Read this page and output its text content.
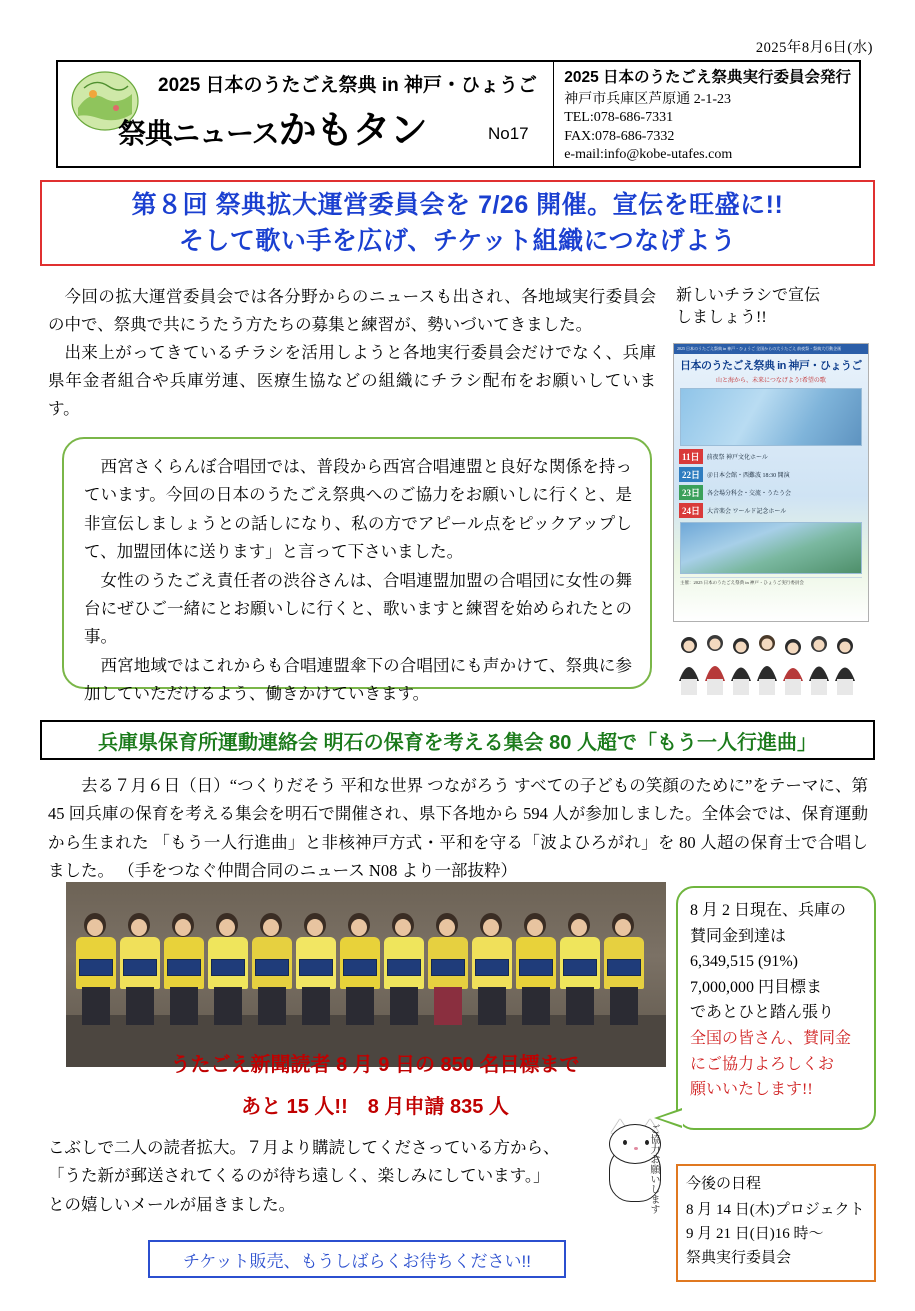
2025年8月6日(水)
2025 日本のうたごえ祭典 in 神戸・ひょうご
祭典ニュースかもタン	No17
2025 日本のうたごえ祭典実行委員会発行
神戸市兵庫区芦原通 2-1-23
TEL:078-686-7331
FAX:078-686-7332
e-mail:info@kobe-utafes.com
第８回 祭典拡大運営委員会を 7/26 開催。宣伝を旺盛に!!
そして歌い手を広げ、チケット組織につなげよう

今回の拡大運営委員会では各分野からのニュースも出され、各地域実行委員会の中で、祭典で共にうたう方たちの募集と練習が、勢いづいてきました。

出来上がってきているチラシを活用しようと各地実行委員会だけでなく、兵庫県年金者組合や兵庫労連、医療生協などの組織にチラシ配布をお願いしています。

西宮さくらんぼ合唱団では、普段から西宮合唱連盟と良好な関係を持っています。今回の日本のうたごえ祭典へのご協力をお願いしに行くと、是非宣伝しましょうとの話しになり、私の方でアピール点をピックアップして、加盟団体に送ります」と言って下さいました。

女性のうたごえ責任者の渋谷さんは、合唱連盟加盟の合唱団に女性の舞台にぜひご一緒にとお願いしに行くと、歌いますと練習を始められたとの事。

西宮地域ではこれからも合唱連盟傘下の合唱団にも声かけて、祭典に参加していただけるよう、働きかけていきます。

新しいチラシで宣伝
しましょう!!
2025 日本のうたごえ祭典 in 神戸・ひょうご 全国からの大うたごえ 前夜祭・祭典大行動企画
日本のうたごえ祭典 in 神戸・ひょうご
山と海から、未来につなげよう!希望の歌
11日	前夜祭 神戸文化ホール
22日	＠日本会館・西難波 18:30 開演
23日	各会場分科会・交流・うたう会
24日	大音楽会 ワールド記念ホール
主催：2025 日本のうたごえ祭典 in 神戸・ひょうご実行委員会
兵庫県保育所運動連絡会 明石の保育を考える集会 80 人超で「もう一人行進曲」

去る７月６日（日）“つくりだそう 平和な世界 つながろう すべての子どもの笑顔のために”をテーマに、第 45 回兵庫の保育を考える集会を明石で開催され、県下各地から 594 人が参加しました。全体会では、保育運動から生まれた 「もう一人行進曲」と非核神戸方式・平和を守る「波よひろがれ」を 80 人超の保育士で合唱しました。 （手をつなぐ仲間合同のニュース N08 より一部抜粋）

8 月 2 日現在、兵庫の
賛同金到達は
6,349,515 (91%)
7,000,000 円目標ま
であとひと踏ん張り
全国の皆さん、賛同金
にご協力よろしくお
願いいたします!!
うたごえ新聞読者 8 月 9 日の 850 名目標まで
あと 15 人!!　8 月申請 835 人

こぶしで二人の読者拡大。７月より購読してくださっている方から、

「うた新が郵送されてくるのが待ち遠しく、楽しみにしています。」

との嬉しいメールが届きました。	ご協力お願いします
チケット販売、もうしばらくお待ちください!!
今後の日程
8 月 14 日(木)プロジェクト
9 月 21 日(日)16 時～
祭典実行委員会
